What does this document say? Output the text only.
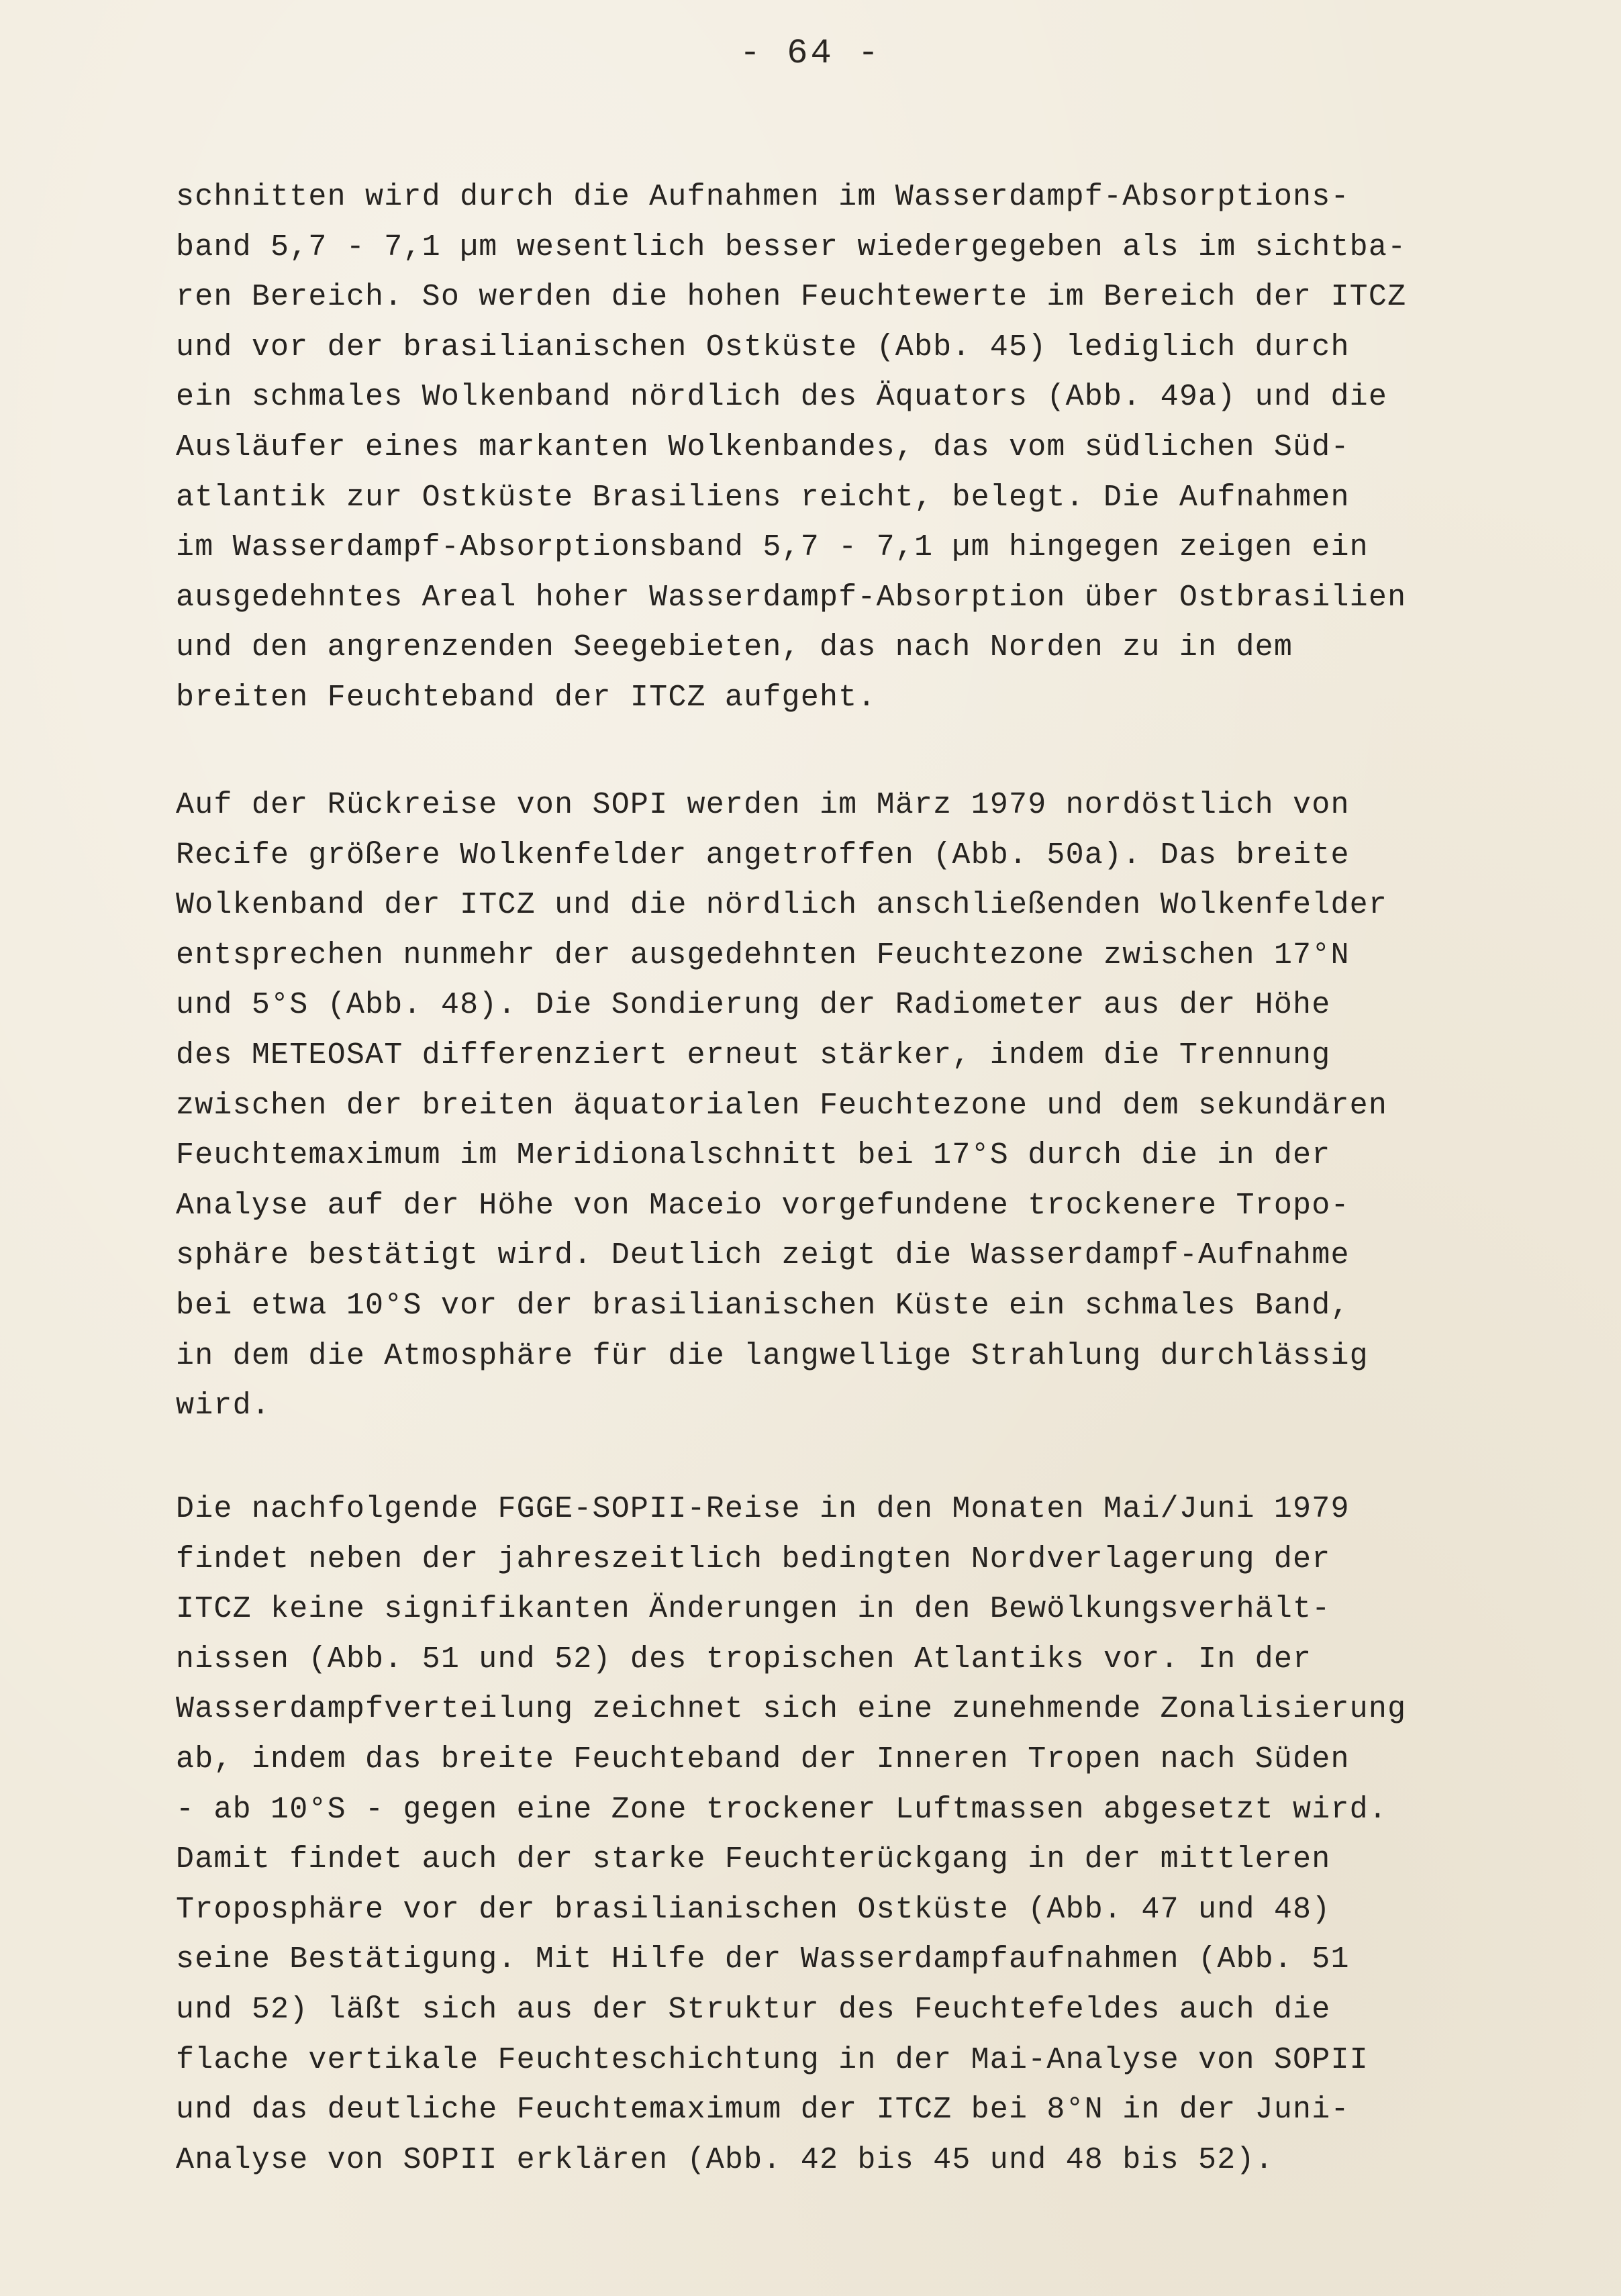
- 64 -
schnitten wird durch die Aufnahmen im Wasserdampf-Absorptions-
band 5,7 - 7,1 µm wesentlich besser wiedergegeben als im sichtba-
ren Bereich. So werden die hohen Feuchtewerte im Bereich der ITCZ
und vor der brasilianischen Ostküste (Abb. 45) lediglich durch
ein schmales Wolkenband nördlich des Äquators (Abb. 49a) und die
Ausläufer eines markanten Wolkenbandes, das vom südlichen Süd-
atlantik zur Ostküste Brasiliens reicht, belegt. Die Aufnahmen
im Wasserdampf-Absorptionsband 5,7 - 7,1 µm hingegen zeigen ein
ausgedehntes Areal hoher Wasserdampf-Absorption über Ostbrasilien
und den angrenzenden Seegebieten, das nach Norden zu in dem
breiten Feuchteband der ITCZ aufgeht.
Auf der Rückreise von SOPI werden im März 1979 nordöstlich von
Recife größere Wolkenfelder angetroffen (Abb. 50a). Das breite
Wolkenband der ITCZ und die nördlich anschließenden Wolkenfelder
entsprechen nunmehr der ausgedehnten Feuchtezone zwischen 17°N
und 5°S (Abb. 48). Die Sondierung der Radiometer aus der Höhe
des METEOSAT differenziert erneut stärker, indem die Trennung
zwischen der breiten äquatorialen Feuchtezone und dem sekundären
Feuchtemaximum im Meridionalschnitt bei 17°S durch die in der
Analyse auf der Höhe von Maceio vorgefundene trockenere Tropo-
sphäre bestätigt wird. Deutlich zeigt die Wasserdampf-Aufnahme
bei etwa 10°S vor der brasilianischen Küste ein schmales Band,
in dem die Atmosphäre für die langwellige Strahlung durchlässig
wird.
Die nachfolgende FGGE-SOPII-Reise in den Monaten Mai/Juni 1979
findet neben der jahreszeitlich bedingten Nordverlagerung der
ITCZ keine signifikanten Änderungen in den Bewölkungsverhält-
nissen (Abb. 51 und 52) des tropischen Atlantiks vor. In der
Wasserdampfverteilung zeichnet sich eine zunehmende Zonalisierung
ab, indem das breite Feuchteband der Inneren Tropen nach Süden
- ab 10°S - gegen eine Zone trockener Luftmassen abgesetzt wird.
Damit findet auch der starke Feuchterückgang in der mittleren
Troposphäre vor der brasilianischen Ostküste (Abb. 47 und 48)
seine Bestätigung. Mit Hilfe der Wasserdampfaufnahmen (Abb. 51
und 52) läßt sich aus der Struktur des Feuchtefeldes auch die
flache vertikale Feuchteschichtung in der Mai-Analyse von SOPII
und das deutliche Feuchtemaximum der ITCZ bei 8°N in der Juni-
Analyse von SOPII erklären (Abb. 42 bis 45 und 48 bis 52).
